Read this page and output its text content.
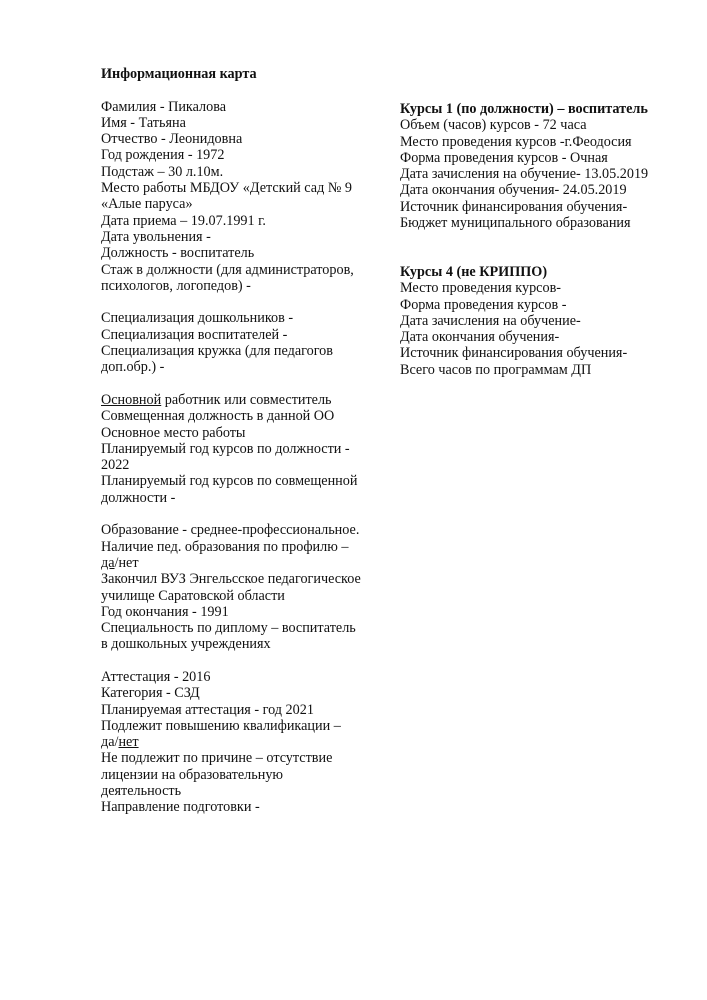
Информационная карта
Фамилия - Пикалова
Имя - Татьяна
Отчество - Леонидовна
Год рождения - 1972
Подстаж – 30 л.10м.
Место работы МБДОУ «Детский сад № 9 «Алые паруса»
Дата приема – 19.07.1991 г.
Дата увольнения -
Должность - воспитатель
Стаж в должности (для администраторов, психологов, логопедов) -
Специализация дошкольников -
Специализация воспитателей -
Специализация кружка (для педагогов доп.обр.) -
Основной работник или совместитель
Совмещенная должность в данной ОО
Основное место работы
Планируемый год курсов по должности - 2022
Планируемый год курсов по совмещенной должности -
Образование - среднее-профессиональное.
Наличие пед. образования по профилю –
да/нет
Закончил ВУЗ Энгельсское педагогическое училище Саратовской области
Год окончания - 1991
Специальность по диплому – воспитатель в дошкольных учреждениях
Аттестация - 2016
Категория - СЗД
Планируемая аттестация - год 2021
Подлежит повышению квалификации –
да/нет
Не подлежит по причине – отсутствие лицензии на образовательную деятельность
Направление подготовки -
Курсы 1 (по должности) – воспитатель
Объем (часов) курсов - 72 часа
Место проведения курсов -г.Феодосия
Форма проведения курсов - Очная
Дата зачисления на обучение- 13.05.2019
Дата окончания обучения- 24.05.2019
Источник финансирования обучения-
Бюджет муниципального образования
Курсы 4 (не КРИППО)
Место проведения курсов-
Форма проведения курсов -
Дата зачисления на обучение-
Дата окончания обучения-
Источник финансирования обучения-
Всего часов по программам ДП
